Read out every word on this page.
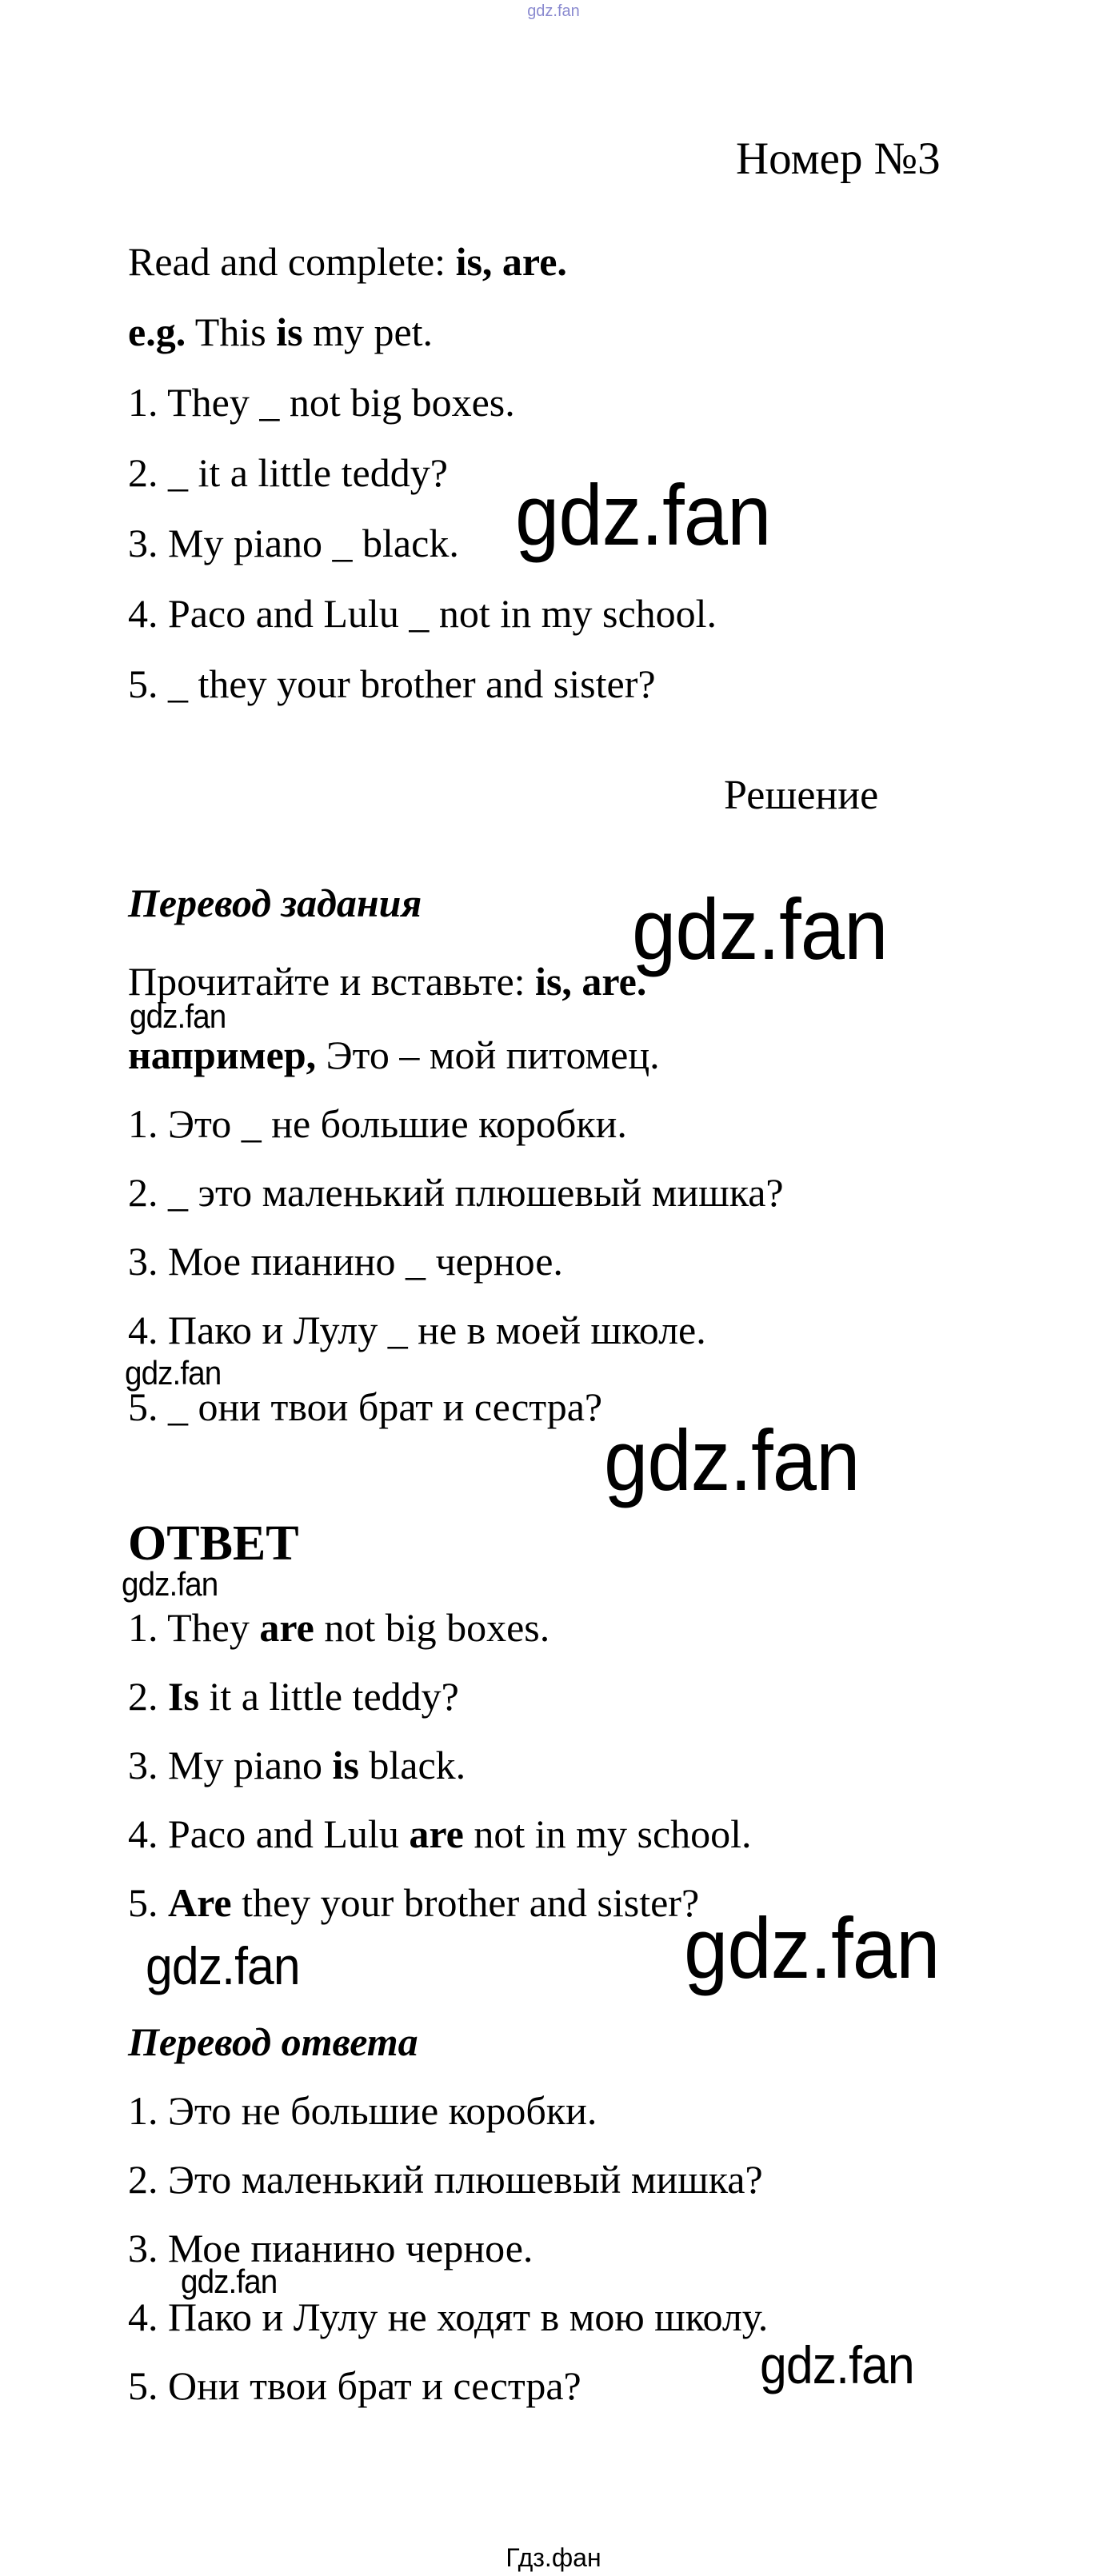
gdz.fan
Номер №3
Read and complete: is, are.
e.g. This is my pet.
1. They _ not big boxes.
2. _ it a little teddy? gdz.fan
3. My piano _ black.
4. Paco and Lulu _ not in my school.
5. _ they your brother and sister?
Решение
Перевод задания gdz.fan
Прочитайте и вставьте: is, are.
gdz.fan
например, Это – мой питомец.
1. Это _ не большие коробки.
2. _ это маленький плюшевый мишка?
3. Мое пианино _ черное.
4. Пако и Лулу _ не в моей школе.
gdz.fan
5. _ они твои брат и сестра?
gdz.fan
ОТВЕТ
gdz.fan
1. They are not big boxes.
2. Is it a little teddy?
3. My piano is black.
4. Paco and Lulu are not in my school.
5. Are they your brother and sister?
gdz.fan	gdz.fan
Перевод ответа
1. Это не большие коробки.
2. Это маленький плюшевый мишка?
3. Мое пианино черное.
gdz.fan
4. Пако и Лулу не ходят в мою школу.
5. Они твои брат и сестра?	gdz.fan
Гдз.фан
